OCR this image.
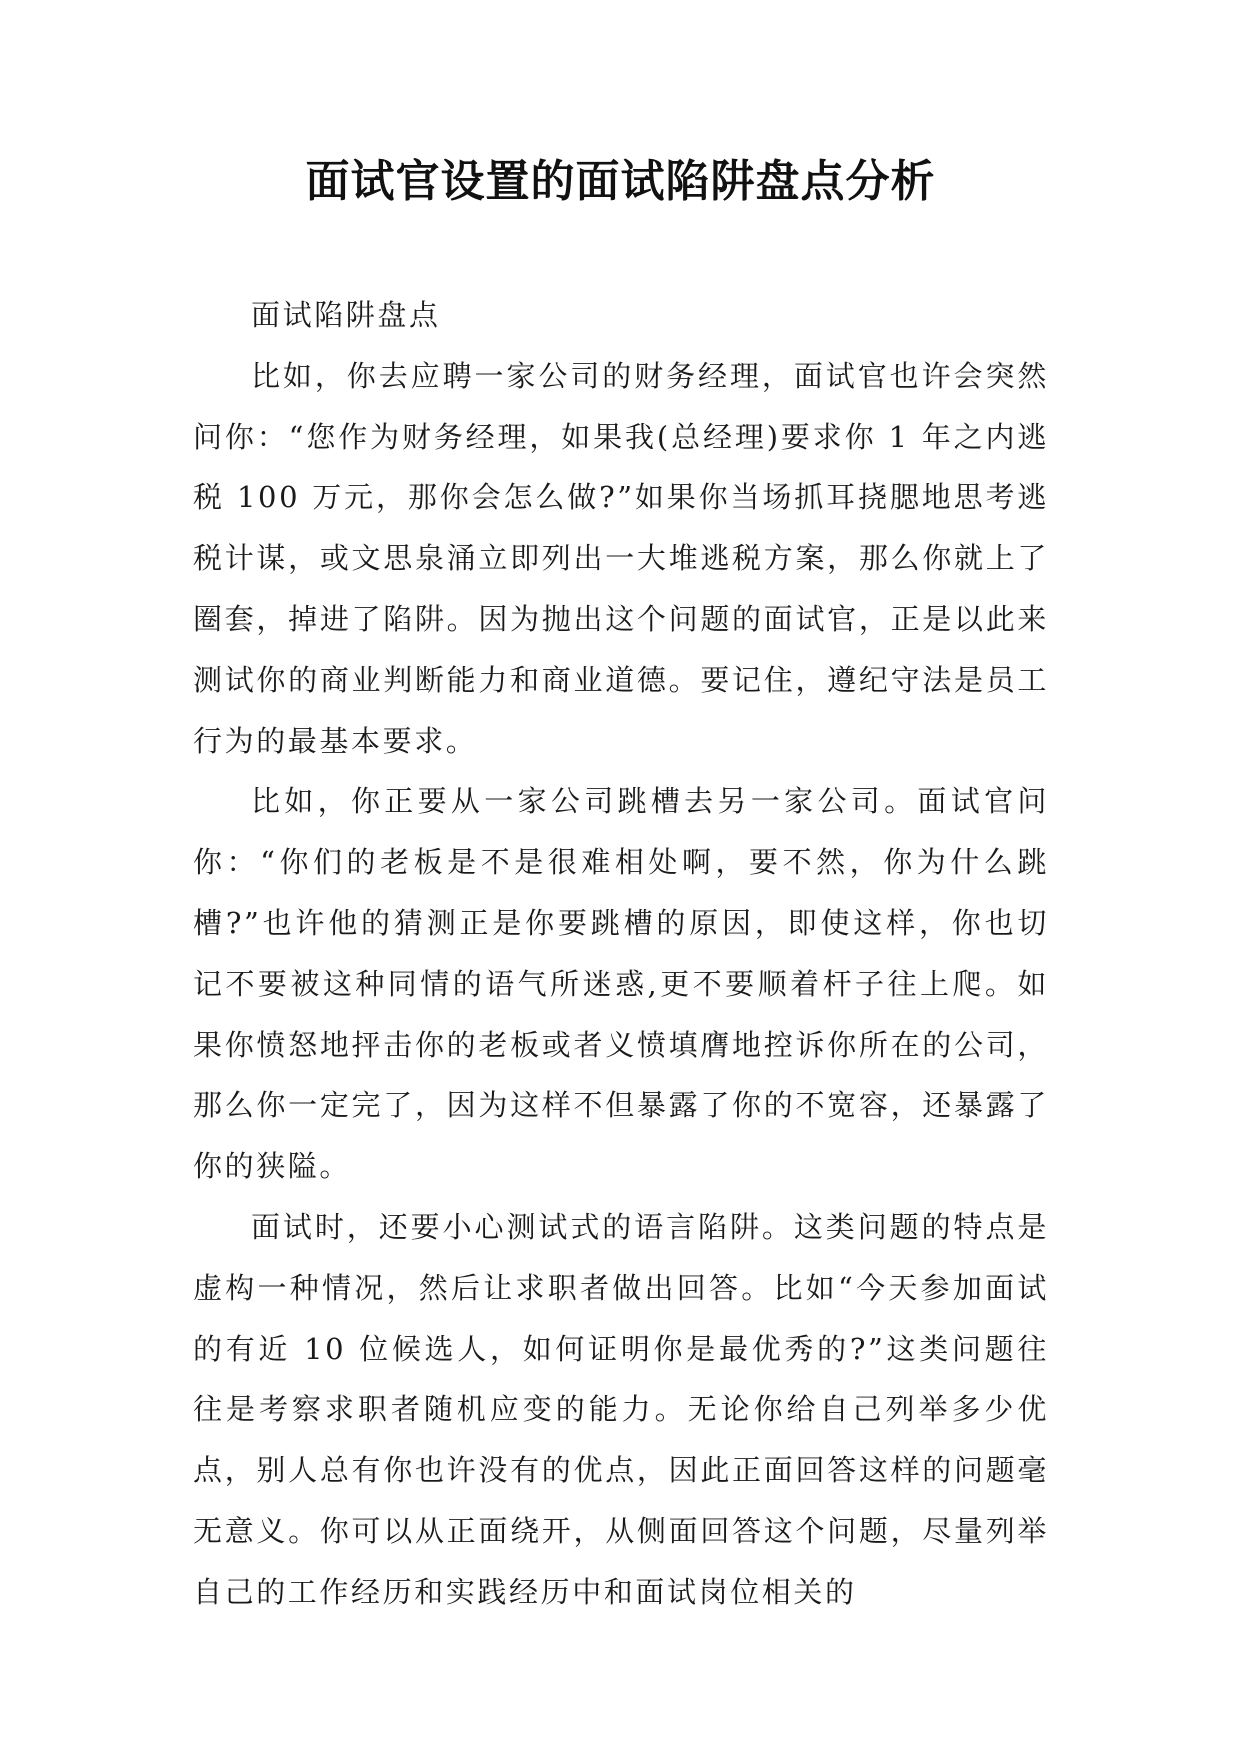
面试官设置的面试陷阱盘点分析

面试陷阱盘点

比如，你去应聘一家公司的财务经理，面试官也许会突然问你：“您作为财务经理，如果我(总经理)要求你 1 年之内逃税 100 万元，那你会怎么做?”如果你当场抓耳挠腮地思考逃税计谋，或文思泉涌立即列出一大堆逃税方案，那么你就上了圈套，掉进了陷阱。因为抛出这个问题的面试官，正是以此来测试你的商业判断能力和商业道德。要记住，遵纪守法是员工行为的最基本要求。

比如，你正要从一家公司跳槽去另一家公司。面试官问你：“你们的老板是不是很难相处啊，要不然，你为什么跳槽?”也许他的猜测正是你要跳槽的原因，即使这样，你也切记不要被这种同情的语气所迷惑,更不要顺着杆子往上爬。如果你愤怒地抨击你的老板或者义愤填膺地控诉你所在的公司，那么你一定完了，因为这样不但暴露了你的不宽容，还暴露了你的狭隘。

面试时，还要小心测试式的语言陷阱。这类问题的特点是虚构一种情况，然后让求职者做出回答。比如“今天参加面试的有近 10 位候选人，如何证明你是最优秀的?”这类问题往往是考察求职者随机应变的能力。无论你给自己列举多少优点，别人总有你也许没有的优点，因此正面回答这样的问题毫无意义。你可以从正面绕开，从侧面回答这个问题，尽量列举自己的工作经历和实践经历中和面试岗位相关的
